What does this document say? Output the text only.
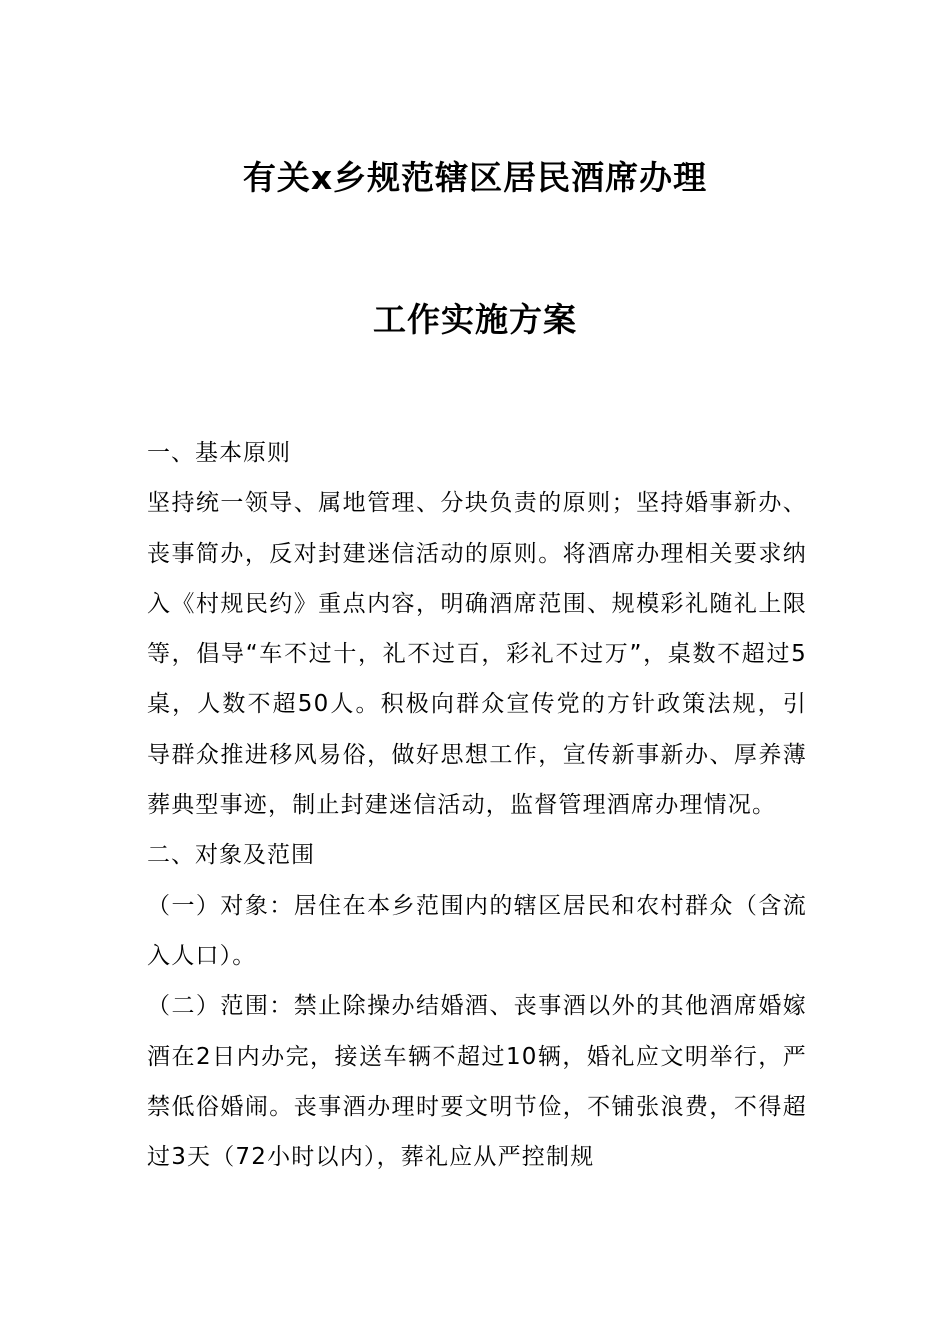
有关x乡规范辖区居民酒席办理
工作实施方案
一、基本原则
坚持统一领导、属地管理、分块负责的原则；坚持婚事新办、丧事简办，反对封建迷信活动的原则。将酒席办理相关要求纳入《村规民约》重点内容，明确酒席范围、规模彩礼随礼上限等，倡导“车不过十，礼不过百，彩礼不过万”，桌数不超过5桌，人数不超50人。积极向群众宣传党的方针政策法规，引导群众推进移风易俗，做好思想工作，宣传新事新办、厚养薄葬典型事迹，制止封建迷信活动，监督管理酒席办理情况。
二、对象及范围
（一）对象：居住在本乡范围内的辖区居民和农村群众（含流入人口）。
（二）范围：禁止除操办结婚酒、丧事酒以外的其他酒席婚嫁酒在2日内办完，接送车辆不超过10辆，婚礼应文明举行，严禁低俗婚闹。丧事酒办理时要文明节俭，不铺张浪费，不得超过3天（72小时以内），葬礼应从严控制规
